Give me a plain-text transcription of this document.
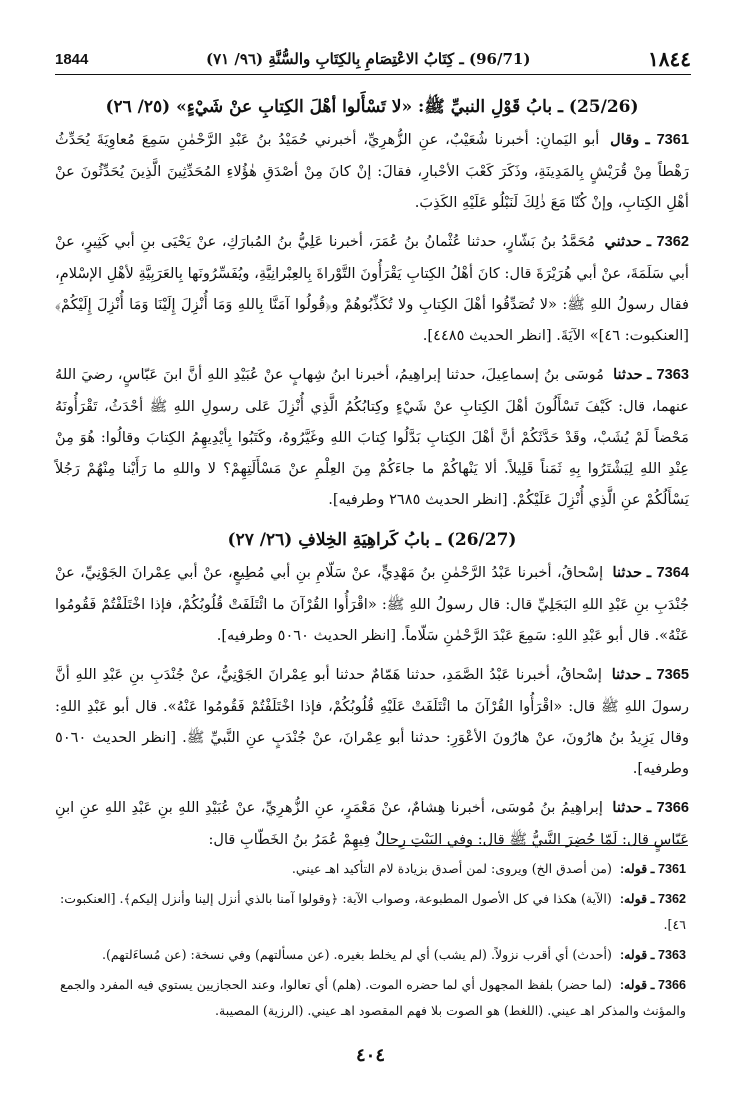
1844	(96/71) ـ كِتَابُ الاعْتِصَامِ بِالكِتَابِ والسُّنَّةِ (٩٦/ ٧١)	١٨٤٤
(25/26) ـ بابُ قَوْلِ النبيِّ ﷺ: «لا تَسْأَلوا أهْلَ الكِتابِ عنْ شَيْءٍ» (٢٥/ ٢٦)

7361 ـ وقال أبو اليَمانِ: أخبرنا شُعَيْبٌ، عنِ الزُّهرِيِّ، أخبرني حُمَيْدُ بنُ عَبْدِ الرَّحْمٰنِ سَمِعَ مُعاوِيَةَ يُحَدِّثُ رَهْطاً مِنْ قُرَيْشٍ بِالمَدِينَةِ، وذَكَرَ كَعْبَ الأحْبارِ، فقالَ: إنْ كانَ مِنْ أصْدَقِ هٰؤُلاءِ المُحَدِّثِينَ الَّذِينَ يُحَدِّثُونَ عنْ أهْلِ الكِتابِ، وإنْ كُنّا مَعَ ذٰلِكَ لَنَبْلُو عَلَيْهِ الكَذِبَ.

7362 ـ حدثني مُحَمَّدُ بنُ بَشّارٍ، حدثنا عُثْمانُ بنُ عُمَرَ، أخبرنا عَلِيُّ بنُ المُبارَكِ، عنْ يَحْيَى بنِ أبي كَثِيرٍ، عنْ أبي سَلَمَةَ، عنْ أبي هُرَيْرَةَ قال: كانَ أهْلُ الكِتابِ يَقْرَأُونَ التَّوْراةَ بِالعِبْرانِيَّةِ، ويُفَسِّرُونَها بِالعَرَبِيَّةِ لأهْلِ الإسْلامِ، فقال رسولُ اللهِ ﷺ: «لا تُصَدِّقُوا أهْلَ الكِتابِ ولا تُكَذِّبُوهُمْ و﴿قُولُوا آمَنَّا بِاللهِ وَمَا أُنْزِلَ إِلَيْنَا وَمَا أُنْزِلَ إِلَيْكُمْ﴾ [العنكبوت: ٤٦]» الآيَةَ. [انظر الحديث ٤٤٨٥].

7363 ـ حدثنا مُوسَى بنُ إسماعِيلَ، حدثنا إبراهِيمُ، أخبرنا ابنُ شِهابٍ عنْ عُبَيْدِ اللهِ أنَّ ابنَ عَبّاسٍ، رضيَ اللهُ عنهما، قال: كَيْفَ تَسْأَلُونَ أهْلَ الكِتابِ عنْ شَيْءٍ وكِتابُكُمُ الَّذِي أُنْزِلَ عَلى رسولِ اللهِ ﷺ أحْدَثُ، تَقْرَأُونَهُ مَحْضاً لَمْ يُشَبْ، وقَدْ حَدَّثَكُمْ أنَّ أهْلَ الكِتابِ بَدَّلُوا كِتابَ اللهِ وغَيَّرُوهُ، وكَتَبُوا بِأيْدِيهِمُ الكِتابَ وقالُوا: هُوَ مِنْ عِنْدِ اللهِ لِيَشْتَرُوا بِهِ ثَمَناً قَلِيلاً. ألا يَنْهاكُمْ ما جاءَكُمْ مِنَ العِلْمِ عنْ مَسْأَلَتِهِمْ؟ لا واللهِ ما رَأَيْنا مِنْهُمْ رَجُلاً يَسْأَلُكُمْ عنِ الَّذِي أُنْزِلَ عَلَيْكُمْ. [انظر الحديث ٢٦٨٥ وطرفيه].

(26/27) ـ بابُ كَراهِيَةِ الخِلافِ (٢٦/ ٢٧)

7364 ـ حدثنا إسْحاقُ، أخبرنا عَبْدُ الرَّحْمٰنِ بنُ مَهْدِيٍّ، عنْ سَلّامِ بنِ أبي مُطِيعٍ، عنْ أبي عِمْرانَ الجَوْنِيِّ، عنْ جُنْدَبِ بنِ عَبْدِ اللهِ البَجَلِيِّ قال: قال رسولُ اللهِ ﷺ: «اقْرَأُوا القُرْآنَ ما ائْتَلَفَتْ قُلُوبُكُمْ، فإذا اخْتَلَفْتُمْ فَقُومُوا عَنْهُ». قال أبو عَبْدِ اللهِ: سَمِعَ عَبْدَ الرَّحْمٰنِ سَلّاماً. [انظر الحديث ٥٠٦٠ وطرفيه].

7365 ـ حدثنا إسْحاقُ، أخبرنا عَبْدُ الصَّمَدِ، حدثنا هَمّامٌ حدثنا أبو عِمْرانَ الجَوْنِيُّ، عنْ جُنْدَبِ بنِ عَبْدِ اللهِ أنَّ رسولَ اللهِ ﷺ قال: «اقْرَأُوا القُرْآنَ ما ائْتَلَفَتْ عَلَيْهِ قُلُوبُكُمْ، فإذا اخْتَلَفْتُمْ فَقُومُوا عَنْهُ». قال أبو عَبْدِ اللهِ: وقال يَزِيدُ بنُ هارُونَ، عنْ هارُونَ الأعْوَرِ: حدثنا أبو عِمْرانَ، عنْ جُنْدَبٍ عنِ النَّبيِّ ﷺ. [انظر الحديث ٥٠٦٠ وطرفيه].

7366 ـ حدثنا إبراهِيمُ بنُ مُوسَى، أخبرنا هِشامٌ، عنْ مَعْمَرٍ، عنِ الزُّهرِيِّ، عنْ عُبَيْدِ اللهِ بنِ عَبْدِ اللهِ عنِ ابنِ عَبّاسٍ قال: لَمّا حُضِرَ النَّبيُّ ﷺ قال: وفي البَيْتِ رِجالٌ فِيهِمْ عُمَرُ بنُ الخَطّابِ قال:

7361 ـ قوله: (من أصدق الخ) ويروى: لمن أصدق بزيادة لام التأكيد اهـ عيني.

7362 ـ قوله: (الآية) هكذا في كل الأصول المطبوعة، وصواب الآية: ﴿وقولوا آمنا بالذي أنزل إلينا وأنزل إليكم﴾. [العنكبوت: ٤٦].

7363 ـ قوله: (أحدث) أي أقرب نزولاً. (لم يشب) أي لم يخلط بغيره. (عن مسألتهم) وفي نسخة: (عن مُساءَلتهم).

7366 ـ قوله: (لما حضر) بلفظ المجهول أي لما حضره الموت. (هلم) أي تعالوا، وعند الحجازيين يستوي فيه المفرد والجمع والمؤنث والمذكر اهـ عيني. (اللغط) هو الصوت بلا فهم المقصود اهـ عيني. (الرزية) المصيبة.

٤٠٤
